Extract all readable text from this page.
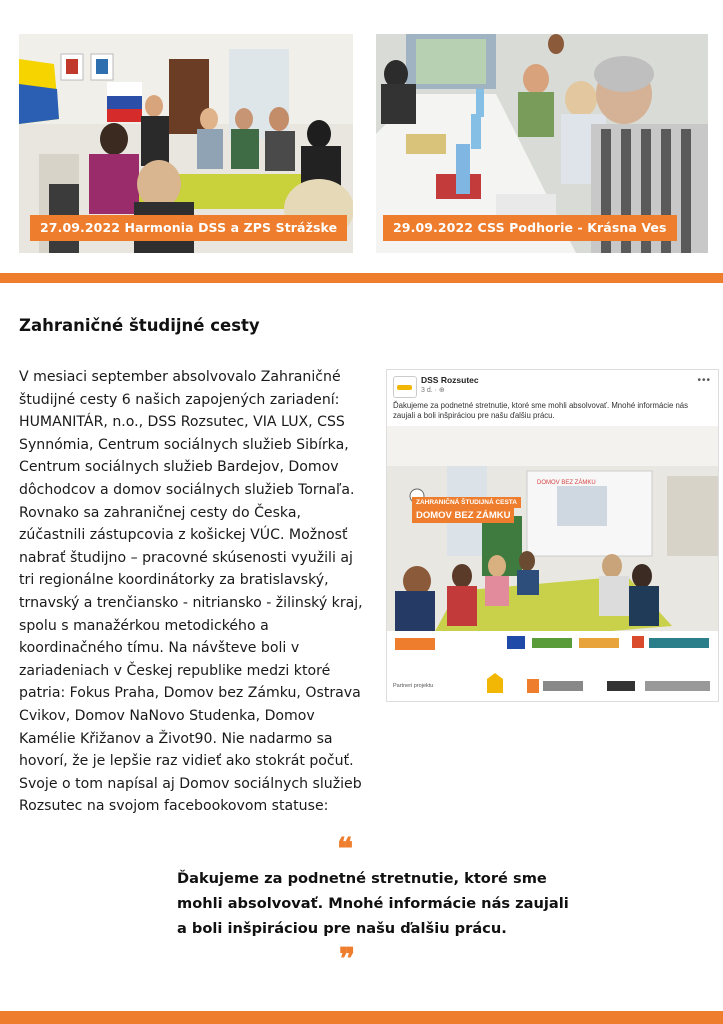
27.09.2022 Harmonia DSS a ZPS Strážske	29.09.2022 CSS Podhorie - Krásna Ves
Zahraničné študijné cesty

V mesiaci september absolvovalo Zahraničné študijné cesty 6 našich zapojených zariadení: HUMANITÁR, n.o., DSS Rozsutec, VIA LUX, CSS Synnómia, Centrum sociálnych služieb Sibírka, Centrum sociálnych služieb Bardejov, Domov dôchodcov a domov sociálnych služieb Tornaľa. Rovnako sa zahraničnej cesty do Česka, zúčastnili zástupcovia z košickej VÚC. Možnosť nabrať študijno – pracovné skúsenosti využili aj tri regionálne koordinátorky za bratislavský, trnavský a trenčiansko - nitriansko - žilinský kraj, spolu s manažérkou metodického a koordinačného tímu. Na návšteve boli v zariadeniach v Českej republike medzi ktoré patria: Fokus Praha, Domov bez Zámku, Ostrava Cvikov, Domov NaNovo Studenka, Domov Kamélie Křižanov a Život90. Nie nadarmo sa hovorí, že je lepšie raz vidieť ako stokrát počuť. Svoje o tom napísal aj Domov sociálnych služieb Rozsutec na svojom facebookovom statuse:

DSS Rozsutec
3 d. · ⊕
•••
Ďakujeme za podnetné stretnutie, ktoré sme mohli absolvovať. Mnohé informácie nás zaujali a boli inšpiráciou pre našu ďalšiu prácu.
DOMOV BEZ ZÁMKU
ZAHRANIČNÁ ŠTUDIJNÁ CESTA
DOMOV BEZ ZÁMKU
Partneri projektu
❝

Ďakujeme za podnetné stretnutie, ktoré sme mohli absolvovať. Mnohé informácie nás zaujali a boli inšpiráciou pre našu ďalšiu prácu.

❞
